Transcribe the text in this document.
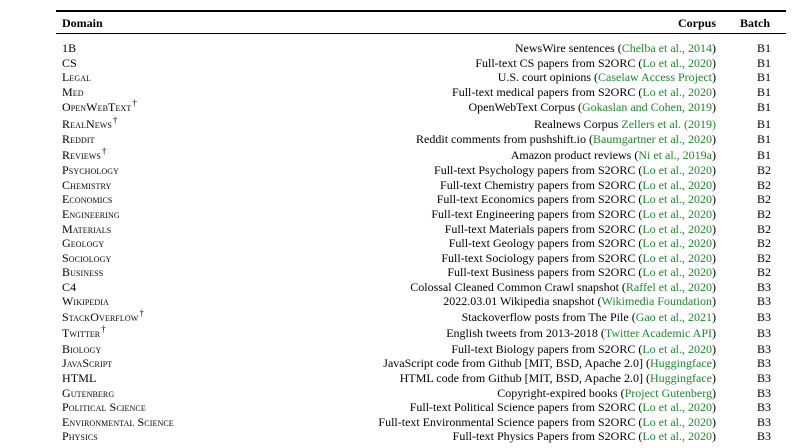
Domain	Corpus Batch
1B	NewsWire sentences (Chelba et al., 2014)	B1
CS	Full-text CS papers from S2ORC (Lo et al., 2020)	B1
Legal	U.S. court opinions (Caselaw Access Project)	B1
Med	Full-text medical papers from S2ORC (Lo et al., 2020)	B1
OpenWebText†	OpenWebText Corpus (Gokaslan and Cohen, 2019)	B1
RealNews†	Realnews Corpus Zellers et al. (2019)	B1
Reddit	Reddit comments from pushshift.io (Baumgartner et al., 2020)	B1
Reviews†	Amazon product reviews (Ni et al., 2019a)	B1
Psychology	Full-text Psychology papers from S2ORC (Lo et al., 2020)	B2
Chemistry	Full-text Chemistry papers from S2ORC (Lo et al., 2020)	B2
Economics	Full-text Economics papers from S2ORC (Lo et al., 2020)	B2
Engineering	Full-text Engineering papers from S2ORC (Lo et al., 2020)	B2
Materials	Full-text Materials papers from S2ORC (Lo et al., 2020)	B2
Geology	Full-text Geology papers from S2ORC (Lo et al., 2020)	B2
Sociology	Full-text Sociology papers from S2ORC (Lo et al., 2020)	B2
Business	Full-text Business papers from S2ORC (Lo et al., 2020)	B2
C4	Colossal Cleaned Common Crawl snapshot (Raffel et al., 2020)	B3
Wikipedia	2022.03.01 Wikipedia snapshot (Wikimedia Foundation)	B3
StackOverflow†	Stackoverflow posts from The Pile (Gao et al., 2021)	B3
Twitter†	English tweets from 2013-2018 (Twitter Academic API)	B3
Biology	Full-text Biology papers from S2ORC (Lo et al., 2020)	B3
JavaScript	JavaScript code from Github [MIT, BSD, Apache 2.0] (Huggingface)	B3
HTML	HTML code from Github [MIT, BSD, Apache 2.0] (Huggingface)	B3
Gutenberg	Copyright-expired books (Project Gutenberg)	B3
Political Science	Full-text Political Science papers from S2ORC (Lo et al., 2020)	B3
Environmental Science	Full-text Environmental Science papers from S2ORC (Lo et al., 2020)	B3
Physics	Full-text Physics Papers from S2ORC (Lo et al., 2020)	B3
